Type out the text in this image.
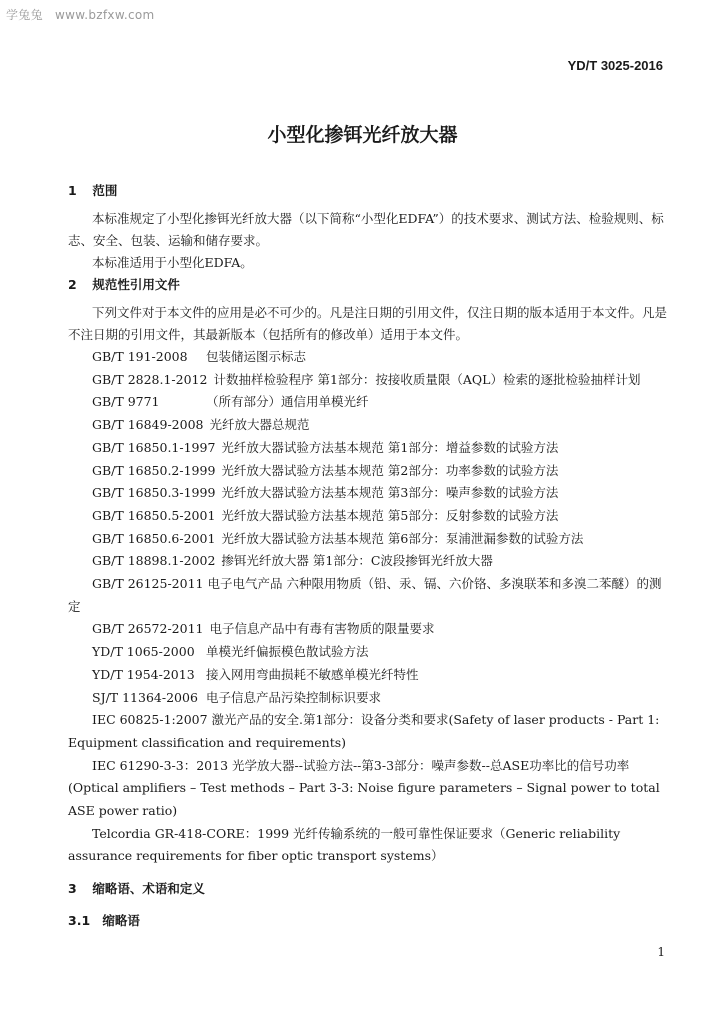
学兔兔 www.bzfxw.com
YD/T 3025-2016
小型化掺铒光纤放大器
1 范围

本标准规定了小型化掺铒光纤放大器（以下简称“小型化EDFA”）的技术要求、测试方法、检验规则、标志、安全、包装、运输和储存要求。

本标准适用于小型化EDFA。

2 规范性引用文件

下列文件对于本文件的应用是必不可少的。凡是注日期的引用文件，仅注日期的版本适用于本文件。凡是不注日期的引用文件，其最新版本（包括所有的修改单）适用于本文件。

GB/T 191-2008 包装储运图示标志

GB/T 2828.1-2012 计数抽样检验程序 第1部分：按接收质量限（AQL）检索的逐批检验抽样计划

GB/T 9771	（所有部分）通信用单模光纤

GB/T 16849-2008 光纤放大器总规范

GB/T 16850.1-1997 光纤放大器试验方法基本规范 第1部分：增益参数的试验方法

GB/T 16850.2-1999 光纤放大器试验方法基本规范 第2部分：功率参数的试验方法

GB/T 16850.3-1999 光纤放大器试验方法基本规范 第3部分：噪声参数的试验方法

GB/T 16850.5-2001 光纤放大器试验方法基本规范 第5部分：反射参数的试验方法

GB/T 16850.6-2001 光纤放大器试验方法基本规范 第6部分：泵浦泄漏参数的试验方法

GB/T 18898.1-2002 掺铒光纤放大器 第1部分：C波段掺铒光纤放大器

GB/T 26125-2011 电子电气产品 六种限用物质（铅、汞、镉、六价铬、多溴联苯和多溴二苯醚）的测定

GB/T 26572-2011 电子信息产品中有毒有害物质的限量要求

YD/T 1065-2000 单模光纤偏振模色散试验方法

YD/T 1954-2013 接入网用弯曲损耗不敏感单模光纤特性

SJ/T 11364-2006 电子信息产品污染控制标识要求

IEC 60825-1:2007 激光产品的安全.第1部分：设备分类和要求(Safety of laser products - Part 1: Equipment classification and requirements)

IEC 61290-3-3：2013 光学放大器--试验方法--第3-3部分：噪声参数--总ASE功率比的信号功率(Optical amplifiers – Test methods – Part 3-3: Noise figure parameters – Signal power to total ASE power ratio)

Telcordia GR-418-CORE：1999 光纤传输系统的一般可靠性保证要求（Generic reliability assurance requirements for fiber optic transport systems）

3 缩略语、术语和定义
3.1 缩略语
1
